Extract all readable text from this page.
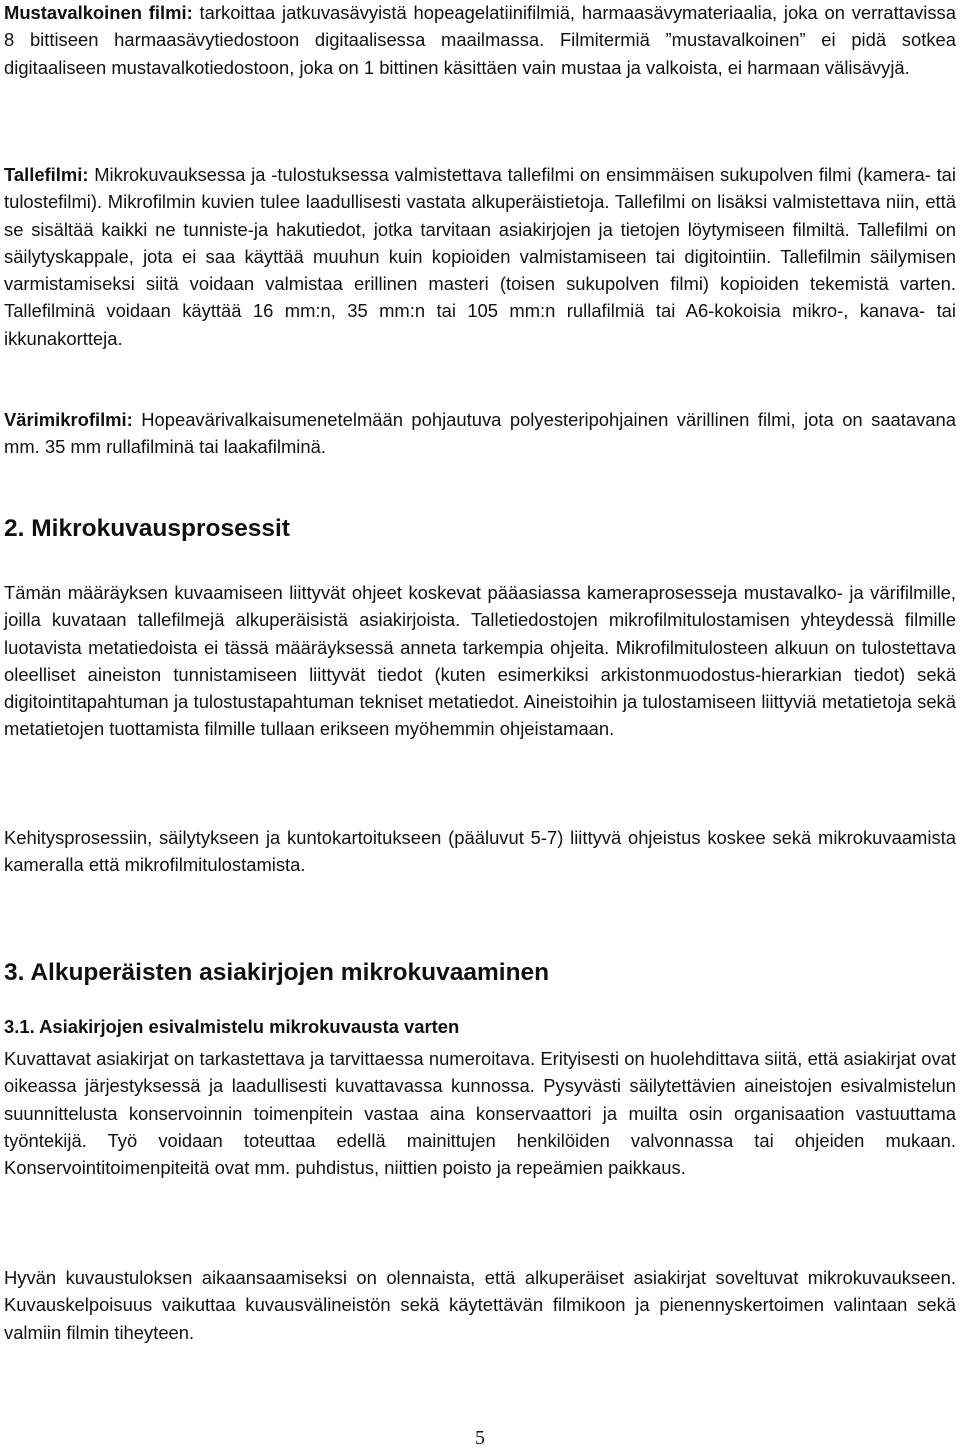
Mustavalkoinen filmi: tarkoittaa jatkuvasävyistä hopeagelatiinifilmiä, harmaasävymateriaalia, joka on verrattavissa 8 bittiseen harmaasävytiedostoon digitaalisessa maailmassa. Filmitermiä ”mustavalkoinen” ei pidä sotkea digitaaliseen mustavalkotiedostoon, joka on 1 bittinen käsittäen vain mustaa ja valkoista, ei harmaan välisävyjä.

Tallefilmi: Mikrokuvauksessa ja -tulostuksessa valmistettava tallefilmi on ensimmäisen sukupolven filmi (kamera- tai tulostefilmi). Mikrofilmin kuvien tulee laadullisesti vastata alkuperäistietoja. Tallefilmi on lisäksi valmistettava niin, että se sisältää kaikki ne tunniste-ja hakutiedot, jotka tarvitaan asiakirjojen ja tietojen löytymiseen filmiltä. Tallefilmi on säilytyskappale, jota ei saa käyttää muuhun kuin kopioiden valmistamiseen tai digitointiin. Tallefilmin säilymisen varmistamiseksi siitä voidaan valmistaa erillinen masteri (toisen sukupolven filmi) kopioiden tekemistä varten. Tallefilminä voidaan käyttää 16 mm:n, 35 mm:n tai 105 mm:n rullafilmiä tai A6-kokoisia mikro-, kanava- tai ikkunakortteja.

Värimikrofilmi: Hopeavärivalkaisumenetelmään pohjautuva polyesteripohjainen värillinen filmi, jota on saatavana mm. 35 mm rullafilminä tai laakafilminä.

2. Mikrokuvausprosessit

Tämän määräyksen kuvaamiseen liittyvät ohjeet koskevat pääasiassa kameraprosesseja mustavalko- ja värifilmille, joilla kuvataan tallefilmejä alkuperäisistä asiakirjoista. Talletiedostojen mikrofilmitulostamisen yhteydessä filmille luotavista metatiedoista ei tässä määräyksessä anneta tarkempia ohjeita. Mikrofilmitulosteen alkuun on tulostettava oleelliset aineiston tunnistamiseen liittyvät tiedot (kuten esimerkiksi arkistonmuodostus-hierarkian tiedot) sekä digitointitapahtuman ja tulostustapahtuman tekniset metatiedot. Aineistoihin ja tulostamiseen liittyviä metatietoja sekä metatietojen tuottamista filmille tullaan erikseen myöhemmin ohjeistamaan.

Kehitysprosessiin, säilytykseen ja kuntokartoitukseen (pääluvut 5-7) liittyvä ohjeistus koskee sekä mikrokuvaamista kameralla että mikrofilmitulostamista.

3. Alkuperäisten asiakirjojen mikrokuvaaminen
3.1. Asiakirjojen esivalmistelu mikrokuvausta varten

Kuvattavat asiakirjat on tarkastettava ja tarvittaessa numeroitava. Erityisesti on huolehdittava siitä, että asiakirjat ovat oikeassa järjestyksessä ja laadullisesti kuvattavassa kunnossa. Pysyvästi säilytettävien aineistojen esivalmistelun suunnittelusta konservoinnin toimenpitein vastaa aina konservaattori ja muilta osin organisaation vastuuttama työntekijä. Työ voidaan toteuttaa edellä mainittujen henkilöiden valvonnassa tai ohjeiden mukaan. Konservointitoimenpiteitä ovat mm. puhdistus, niittien poisto ja repeämien paikkaus.

Hyvän kuvaustuloksen aikaansaamiseksi on olennaista, että alkuperäiset asiakirjat soveltuvat mikrokuvaukseen. Kuvauskelpoisuus vaikuttaa kuvausvälineistön sekä käytettävän filmikoon ja pienennyskertoimen valintaan sekä valmiin filmin tiheyteen.

5
